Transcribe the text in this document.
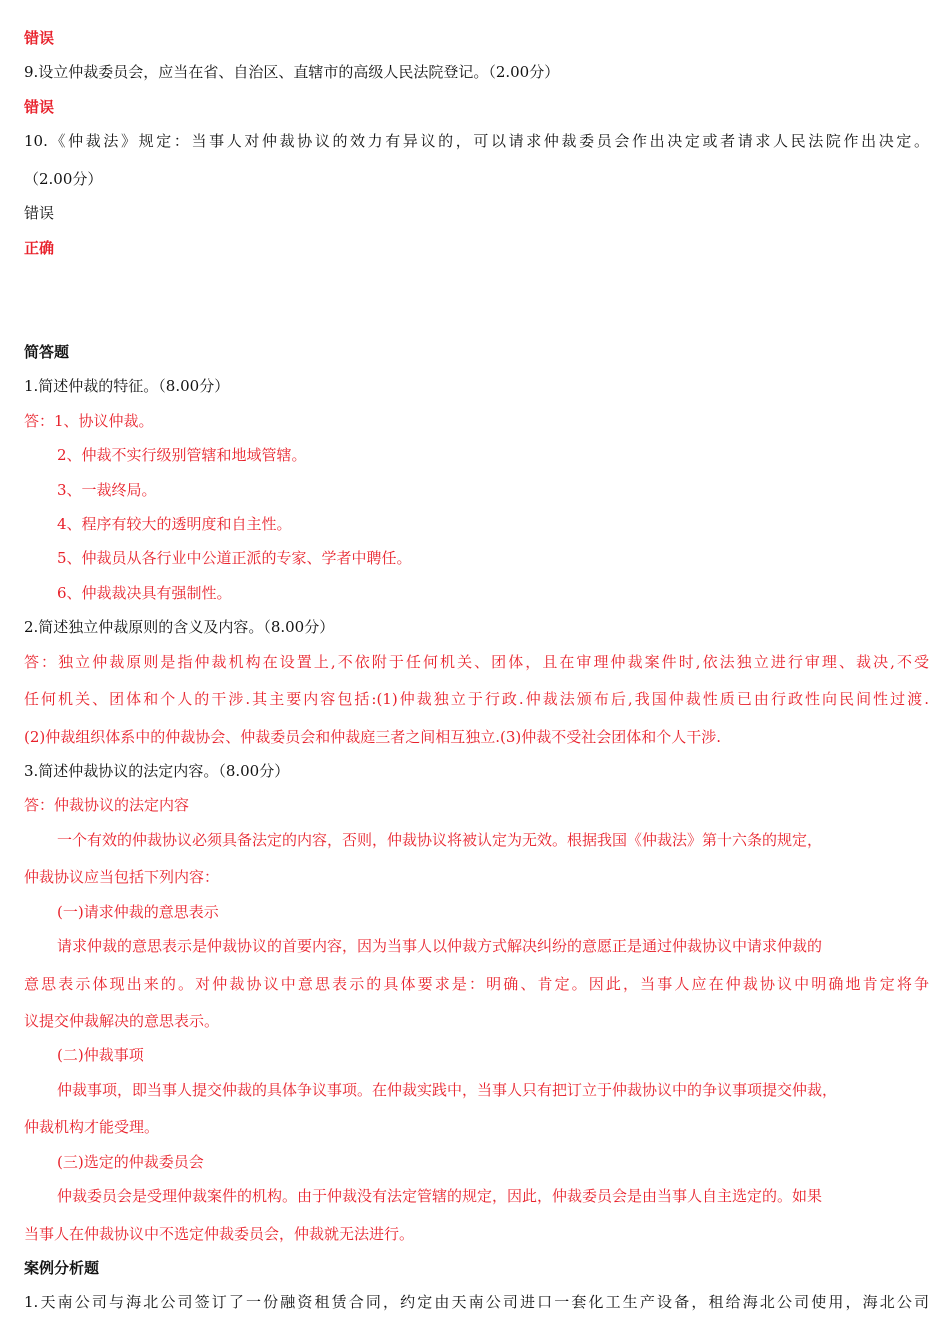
错误
9.设立仲裁委员会，应当在省、自治区、直辖市的高级人民法院登记。（2.00分）
错误
10.《仲裁法》规定：当事人对仲裁协议的效力有异议的，可以请求仲裁委员会作出决定或者请求人民法院作出决定。
（2.00分）
错误
正确
简答题
1.简述仲裁的特征。（8.00分）
答：1、协议仲裁。
2、仲裁不实行级别管辖和地域管辖。
3、一裁终局。
4、程序有较大的透明度和自主性。
5、仲裁员从各行业中公道正派的专家、学者中聘任。
6、仲裁裁决具有强制性。
2.简述独立仲裁原则的含义及内容。（8.00分）
答：独立仲裁原则是指仲裁机构在设置上,不依附于任何机关、团体，且在审理仲裁案件时,依法独立进行审理、裁决,不受
任何机关、团体和个人的干涉.其主要内容包括:(1)仲裁独立于行政.仲裁法颁布后,我国仲裁性质已由行政性向民间性过渡.
(2)仲裁组织体系中的仲裁协会、仲裁委员会和仲裁庭三者之间相互独立.(3)仲裁不受社会团体和个人干涉.
3.简述仲裁协议的法定内容。（8.00分）
答：仲裁协议的法定内容
一个有效的仲裁协议必须具备法定的内容，否则，仲裁协议将被认定为无效。根据我国《仲裁法》第十六条的规定，
仲裁协议应当包括下列内容：
(一)请求仲裁的意思表示
请求仲裁的意思表示是仲裁协议的首要内容，因为当事人以仲裁方式解决纠纷的意愿正是通过仲裁协议中请求仲裁的
意思表示体现出来的。对仲裁协议中意思表示的具体要求是：明确、肯定。因此，当事人应在仲裁协议中明确地肯定将争
议提交仲裁解决的意思表示。
(二)仲裁事项
仲裁事项，即当事人提交仲裁的具体争议事项。在仲裁实践中，当事人只有把订立于仲裁协议中的争议事项提交仲裁，
仲裁机构才能受理。
(三)选定的仲裁委员会
仲裁委员会是受理仲裁案件的机构。由于仲裁没有法定管辖的规定，因此，仲裁委员会是由当事人自主选定的。如果
当事人在仲裁协议中不选定仲裁委员会，仲裁就无法进行。
案例分析题
1.天南公司与海北公司签订了一份融资租赁合同，约定由天南公司进口一套化工生产设备，租给海北公司使用，海北公司
